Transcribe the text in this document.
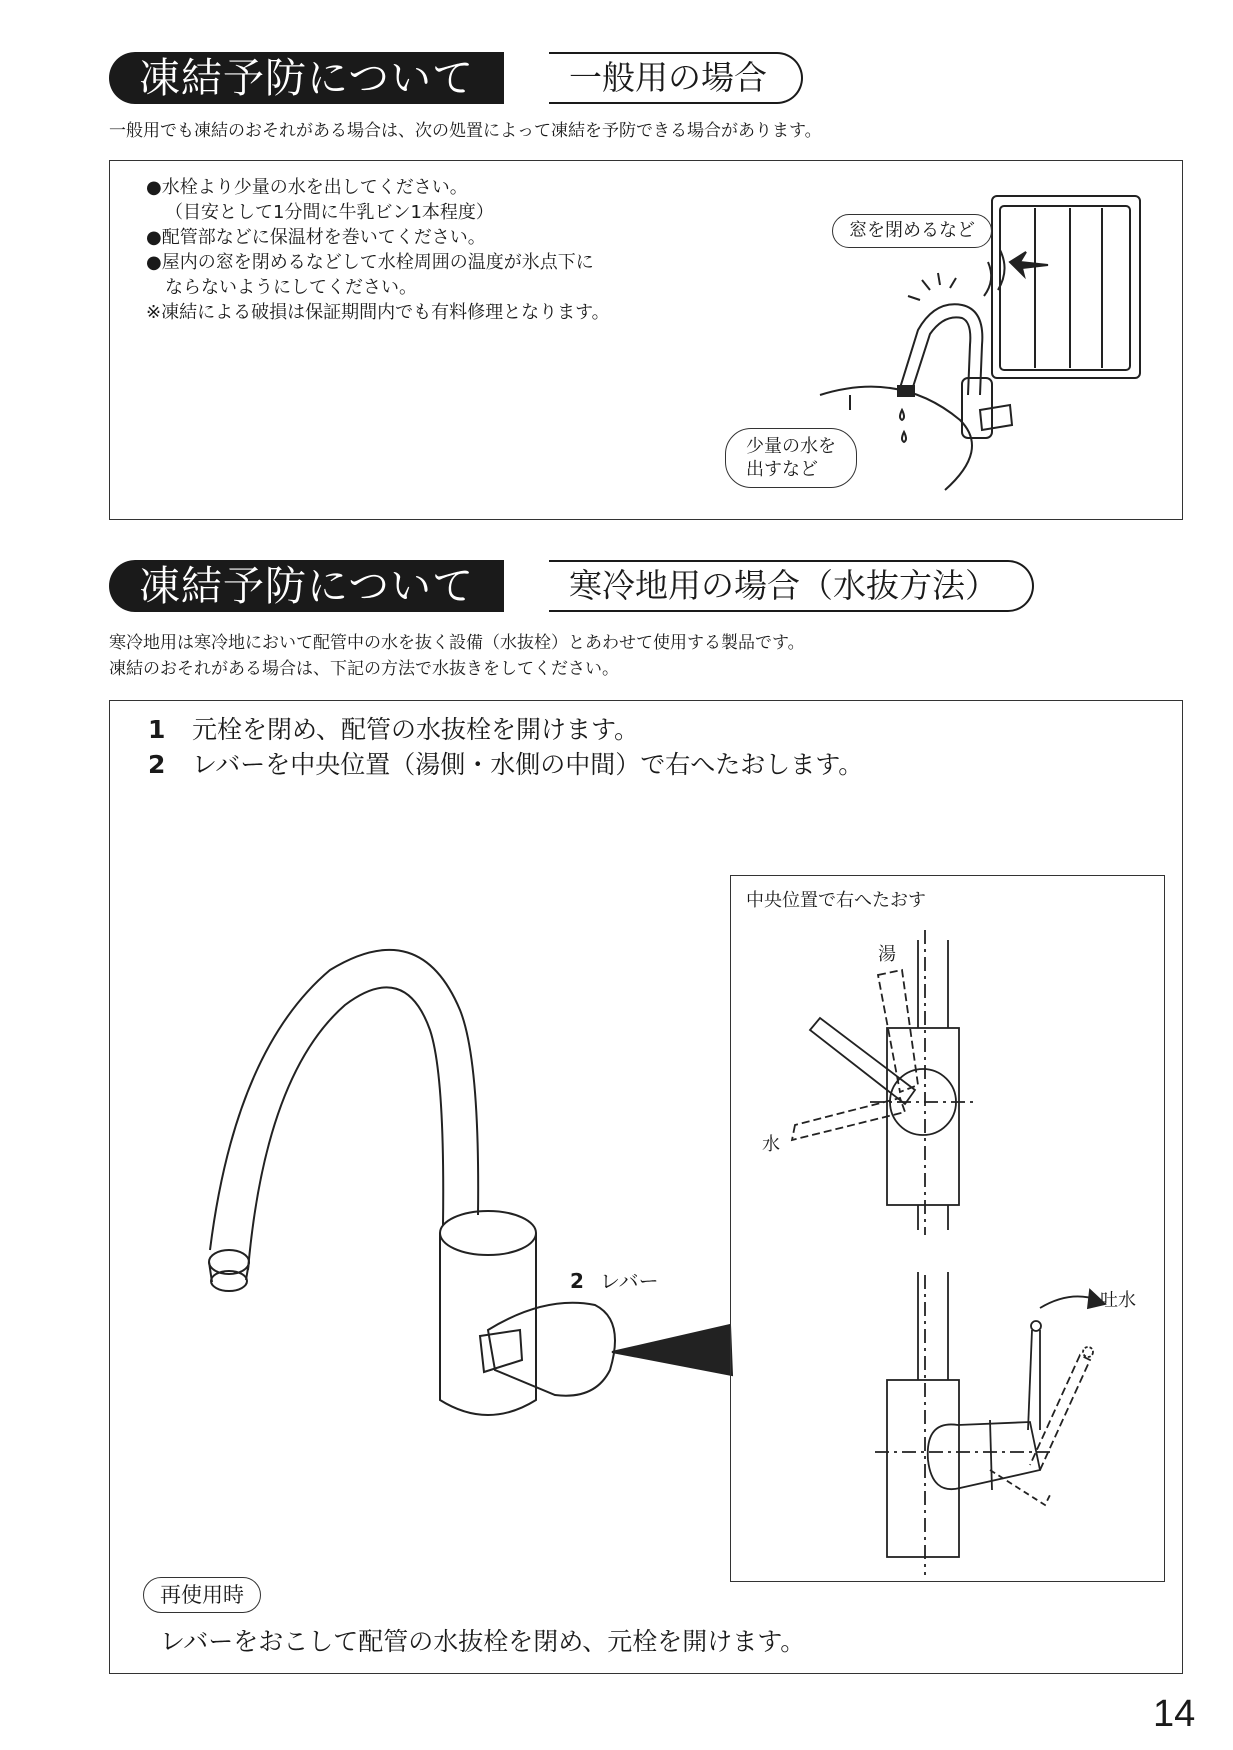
凍結予防について	一般用の場合
一般用でも凍結のおそれがある場合は、次の処置によって凍結を予防できる場合があります。
●水栓より少量の水を出してください。
（目安として1分間に牛乳ビン1本程度）
●配管部などに保温材を巻いてください。
●屋内の窓を閉めるなどして水栓周囲の温度が氷点下に
ならないようにしてください。
※凍結による破損は保証期間内でも有料修理となります。
窓を閉めるなど
少量の水を
出すなど
凍結予防について	寒冷地用の場合（水抜方法）
寒冷地用は寒冷地において配管中の水を抜く設備（水抜栓）とあわせて使用する製品です。
凍結のおそれがある場合は、下記の方法で水抜きをしてください。
1 元栓を閉め、配管の水抜栓を開けます。
2 レバーを中央位置（湯側・水側の中間）で右へたおします。
2 レバー
中央位置で右へたおす
湯
水
吐水
再使用時
レバーをおこして配管の水抜栓を閉め、元栓を開けます。
14
